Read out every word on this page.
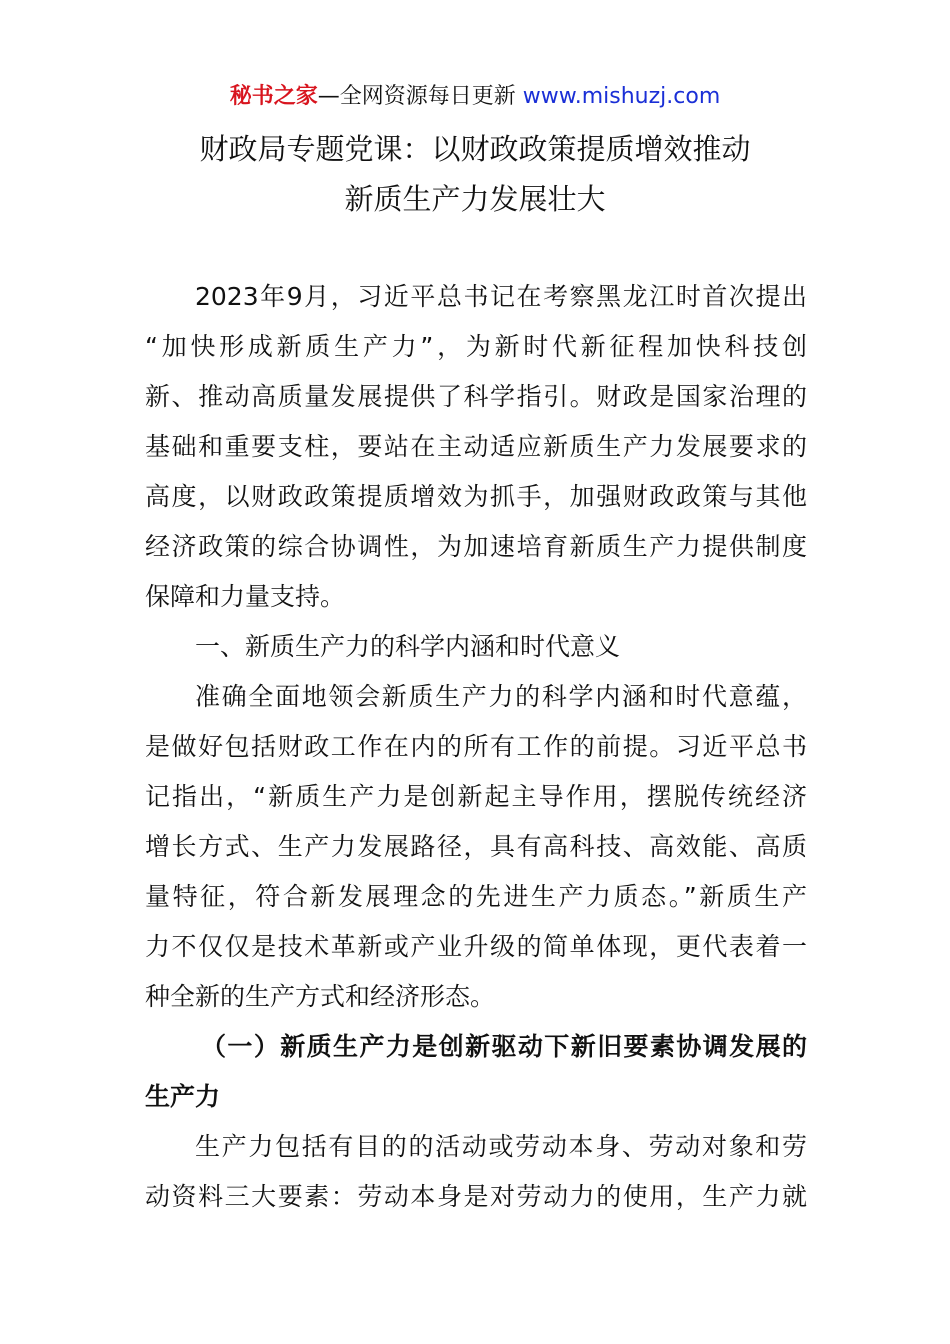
秘书之家—全网资源每日更新 www.mishuzj.com
财政局专题党课：以财政政策提质增效推动
新质生产力发展壮大
2023年9月，习近平总书记在考察黑龙江时首次提出
“加快形成新质生产力”，为新时代新征程加快科技创
新、推动高质量发展提供了科学指引。财政是国家治理的
基础和重要支柱，要站在主动适应新质生产力发展要求的
高度，以财政政策提质增效为抓手，加强财政政策与其他
经济政策的综合协调性，为加速培育新质生产力提供制度
保障和力量支持。
一、新质生产力的科学内涵和时代意义
准确全面地领会新质生产力的科学内涵和时代意蕴，
是做好包括财政工作在内的所有工作的前提。习近平总书
记指出，“新质生产力是创新起主导作用，摆脱传统经济
增长方式、生产力发展路径，具有高科技、高效能、高质
量特征，符合新发展理念的先进生产力质态。”新质生产
力不仅仅是技术革新或产业升级的简单体现，更代表着一
种全新的生产方式和经济形态。
（一）新质生产力是创新驱动下新旧要素协调发展的
生产力
生产力包括有目的的活动或劳动本身、劳动对象和劳
动资料三大要素：劳动本身是对劳动力的使用，生产力就
